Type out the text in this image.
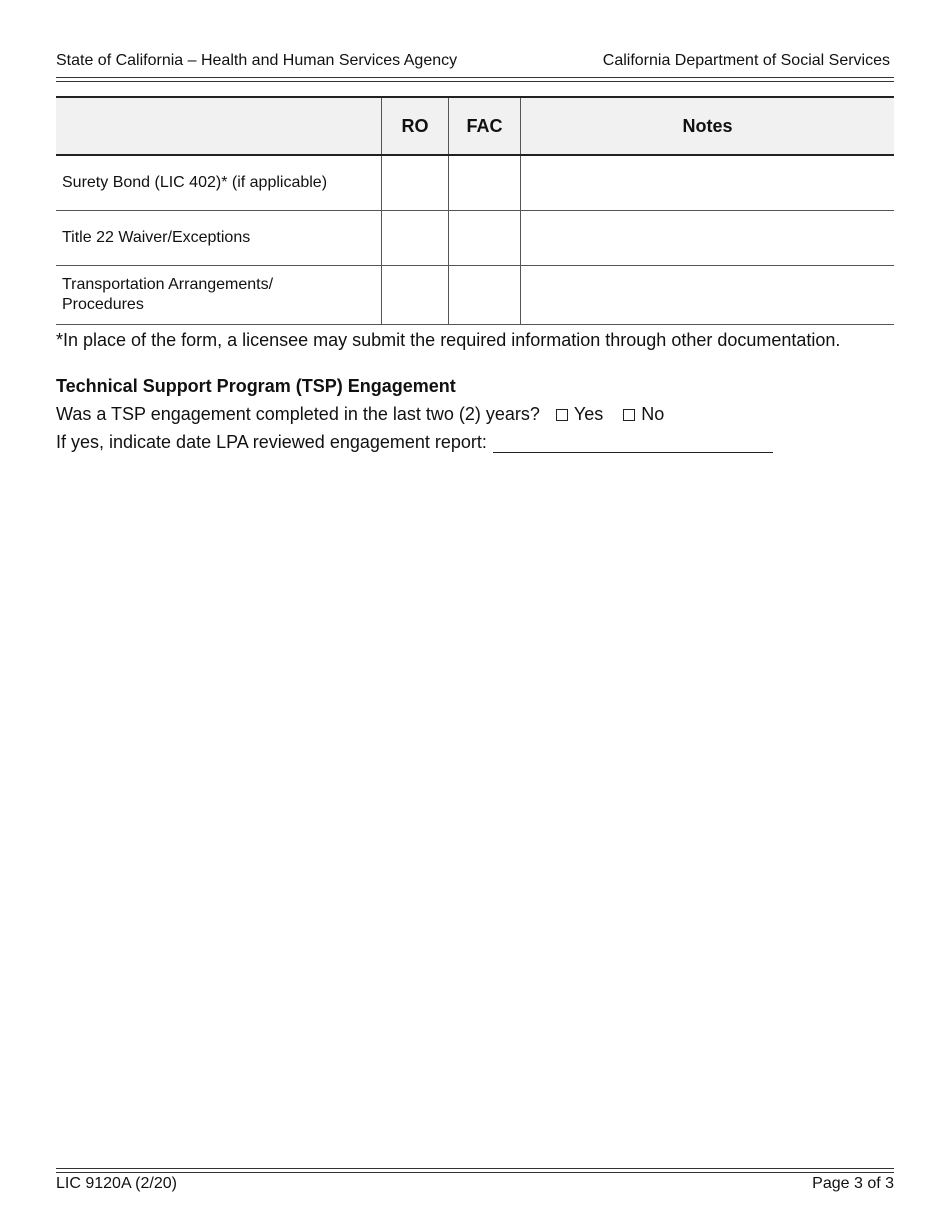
State of California – Health and Human Services Agency	California Department of Social Services
	RO	FAC	Notes
Surety Bond (LIC 402)* (if applicable)			
Title 22 Waiver/Exceptions			

Transportation Arrangements/
Procedures			

*In place of the form, a licensee may submit the required information through other documentation.
Technical Support Program (TSP) Engagement
Was a TSP engagement completed in the last two (2) years? Yes No
If yes, indicate date LPA reviewed engagement report:
LIC 9120A (2/20)	Page 3 of 3
